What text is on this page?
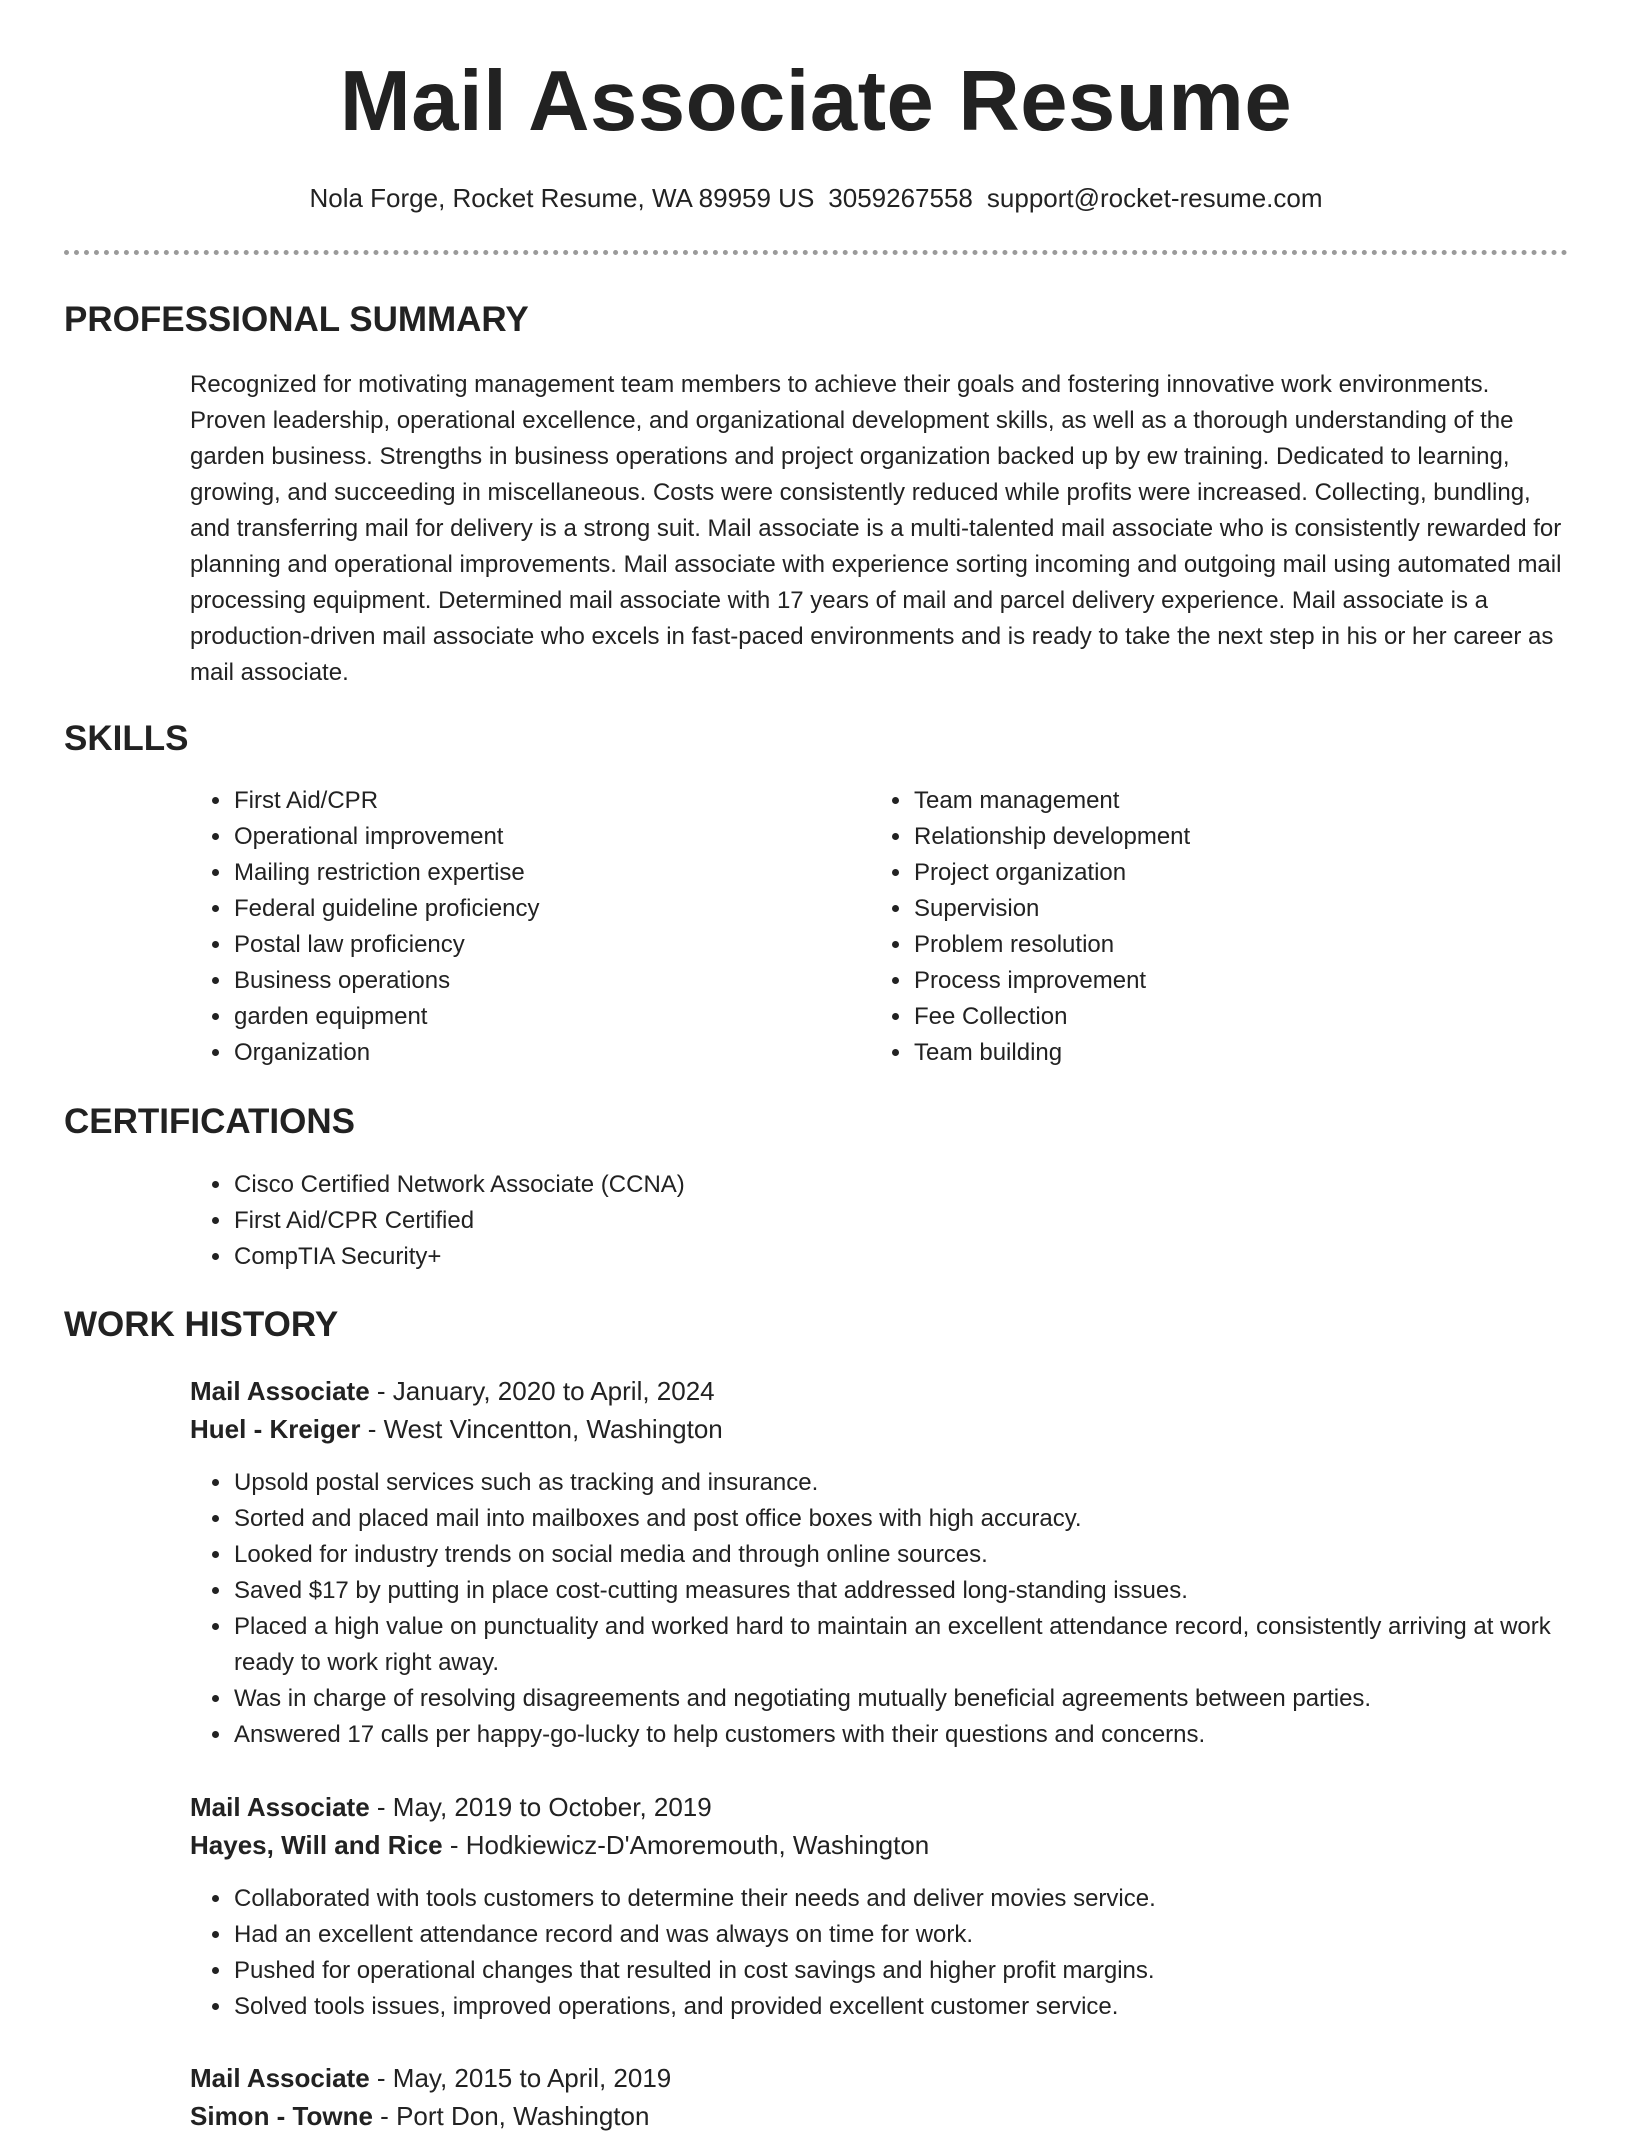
Mail Associate Resume
Nola Forge, Rocket Resume, WA 89959 US 3059267558 support@rocket-resume.com
PROFESSIONAL SUMMARY

Recognized for motivating management team members to achieve their goals and fostering innovative work environments. Proven leadership, operational excellence, and organizational development skills, as well as a thorough understanding of the garden business. Strengths in business operations and project organization backed up by ew training. Dedicated to learning, growing, and succeeding in miscellaneous. Costs were consistently reduced while profits were increased. Collecting, bundling, and transferring mail for delivery is a strong suit. Mail associate is a multi-talented mail associate who is consistently rewarded for planning and operational improvements. Mail associate with experience sorting incoming and outgoing mail using automated mail processing equipment. Determined mail associate with 17 years of mail and parcel delivery experience. Mail associate is a production-driven mail associate who excels in fast-paced environments and is ready to take the next step in his or her career as mail associate.

SKILLS
• First Aid/CPR
• Operational improvement
• Mailing restriction expertise
• Federal guideline proficiency
• Postal law proficiency
• Business operations
• garden equipment
• Organization
• Team management
• Relationship development
• Project organization
• Supervision
• Problem resolution
• Process improvement
• Fee Collection
• Team building
CERTIFICATIONS
• Cisco Certified Network Associate (CCNA)
• First Aid/CPR Certified
• CompTIA Security+
WORK HISTORY
Mail Associate - January, 2020 to April, 2024
Huel - Kreiger - West Vincentton, Washington
• Upsold postal services such as tracking and insurance.
• Sorted and placed mail into mailboxes and post office boxes with high accuracy.
• Looked for industry trends on social media and through online sources.
• Saved $17 by putting in place cost-cutting measures that addressed long-standing issues.
• Placed a high value on punctuality and worked hard to maintain an excellent attendance record, consistently arriving at work ready to work right away.
• Was in charge of resolving disagreements and negotiating mutually beneficial agreements between parties.
• Answered 17 calls per happy-go-lucky to help customers with their questions and concerns.
Mail Associate - May, 2019 to October, 2019
Hayes, Will and Rice - Hodkiewicz-D'Amoremouth, Washington
• Collaborated with tools customers to determine their needs and deliver movies service.
• Had an excellent attendance record and was always on time for work.
• Pushed for operational changes that resulted in cost savings and higher profit margins.
• Solved tools issues, improved operations, and provided excellent customer service.
Mail Associate - May, 2015 to April, 2019
Simon - Towne - Port Don, Washington
